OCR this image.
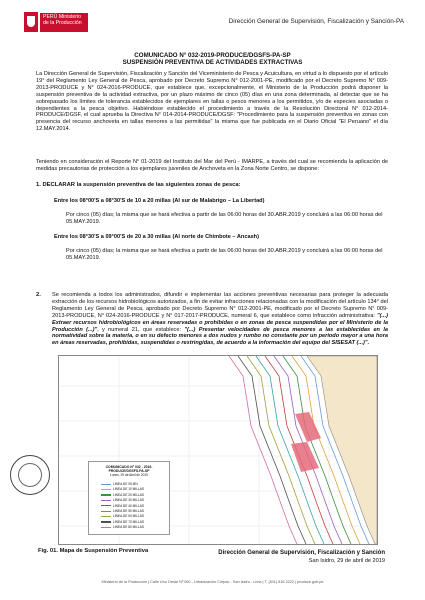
PERÚ Ministerio de la Producción	Dirección General de Supervisión, Fiscalización y Sanción-PA
COMUNICADO N° 032-2019-PRODUCE/DGSFS-PA-SP
SUSPENSIÓN PREVENTIVA DE ACTIVIDADES EXTRACTIVAS
La Dirección General de Supervisión, Fiscalización y Sanción del Viceministerio de Pesca y Acuicultura, en virtud a lo dispuesto por el artículo 19° del Reglamento Ley General de Pesca, aprobado por Decreto Supremo N° 012-2001-PE, modificado por el Decreto Supremo N° 009-2013-PRODUCE y N° 024-2016-PRODUCE, que establece que, excepcionalmente, el Ministerio de la Producción podrá disponer la suspensión preventiva de la actividad extractiva, por un plazo máximo de cinco (05) días en una zona determinada, al detectar que se ha sobrepasado los límites de tolerancia establecidos de ejemplares en tallas o pesos menores a los permitidos, y/o de especies asociadas o dependientes a la pesca objetivo. Habiéndose establecido el procedimiento a través de la Resolución Directoral N° 012-2014-PRODUCE/DGSF, el cual aprueba la Directiva N° 014-2014-PRODUCE/DGSF: "Procedimiento para la suspensión preventiva en zonas con presencia del recurso anchoveta en tallas menores a las permitidas" la misma que fue publicada en el Diario Oficial "El Peruano" el día 12.MAY.2014.
Teniendo en consideración el Reporte N° 01-2019 del Instituto del Mar del Perú - IMARPE, a través del cual se recomienda la aplicación de medidas precautorias de protección a los ejemplares juveniles de Anchoveta en la Zona Norte Centro, se dispone:
1. DECLARAR la suspensión preventiva de las siguientes zonas de pesca:
Entre los 08°00'S a 08°30'S de 10 a 20 millas (Al sur de Malabrigo – La Libertad)
Por cinco (05) días; la misma que se hará efectiva a partir de las 06:00 horas del 30.ABR.2019 y concluirá a las 06:00 horas del 05.MAY.2019.
Entre los 08°30'S a 09°00'S de 20 a 30 millas (Al norte de Chimbote – Ancash)
Por cinco (05) días; la misma que se hará efectiva a partir de las 06:00 horas del 30.ABR.2019 y concluirá a las 06:00 horas del 05.MAY.2019.
2. Se recomienda a todos los administrados, difundir e implementar las acciones preventivas necesarias para proteger la adecuada extracción de los recursos hidrobiológicos autorizados, a fin de evitar infracciones relacionadas con la modificación del artículo 134° del Reglamento Ley General de Pesca, aprobado por Decreto Supremo N° 012-2001-PE, modificado por el Decreto Supremo N° 009-2013-PRODUCE, N° 024-2016-PRODUCE y N° 017-2017-PRODUCE, numeral 6, que establece como infracción administrativa: "(...) Extraer recursos hidrobiológicos en áreas reservadas o prohibidas o en zonas de pesca suspendidas por el Ministerio de la Producción (...)", y numeral 21, que establece: "(...) Presentar velocidades de pesca menores a las establecidas en la normatividad sobre la materia, o en su defecto menores a dos nudos y rumbo no constante por un periodo mayor a una hora en áreas reservadas, prohibidas, suspendidas o restringidas, de acuerdo a la información del equipo del SISESAT (...)".
COMUNICADO N° 032 - 2019-PRODUCE/DGSFS-PA-SP
Lunes, 29 de Abril de 2019
LINEA DE 05 MN
LINEA DE 10 MILLAS
LINEA DE 20 MILLAS
LINEA DE 30 MILLAS
LINEA DE 40 MILLAS
LINEA DE 50 MILLAS
LINEA DE 60 MILLAS
LINEA DE 70 MILLAS
LINEA DE 80 MILLAS
Fig. 01. Mapa de Suspensión Preventiva	Dirección General de Supervisión, Fiscalización y Sanción
San Isidro, 29 de abril de 2019
Ministerio de la Producción | Calle Uno Oeste Nº 060 - Urbanización Córpac - San Isidro - Lima | T. (511) 616 2222 | produce.gob.pe
